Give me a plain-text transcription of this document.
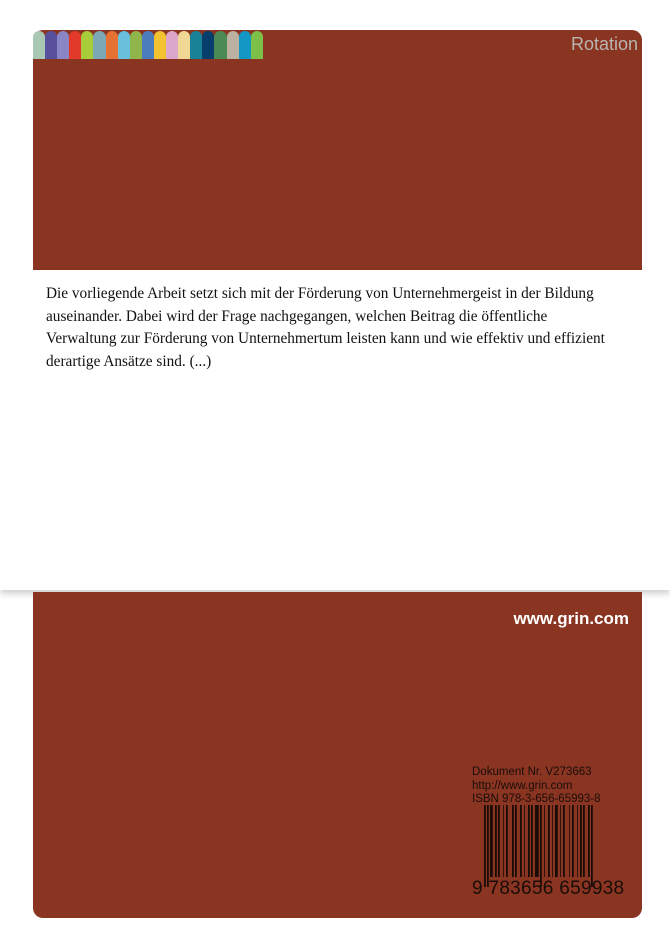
Rotation
Die vorliegende Arbeit setzt sich mit der Förderung von Unternehmergeist in der Bildung auseinander. Dabei wird der Frage nachgegangen, welchen Beitrag die öffentliche Verwaltung zur Förderung von Unternehmertum leisten kann und wie effektiv und effizient derartige Ansätze sind. (...)
www.grin.com
Dokument Nr. V273663
http://www.grin.com
ISBN 978-3-656-65993-8
9 783656 659938
